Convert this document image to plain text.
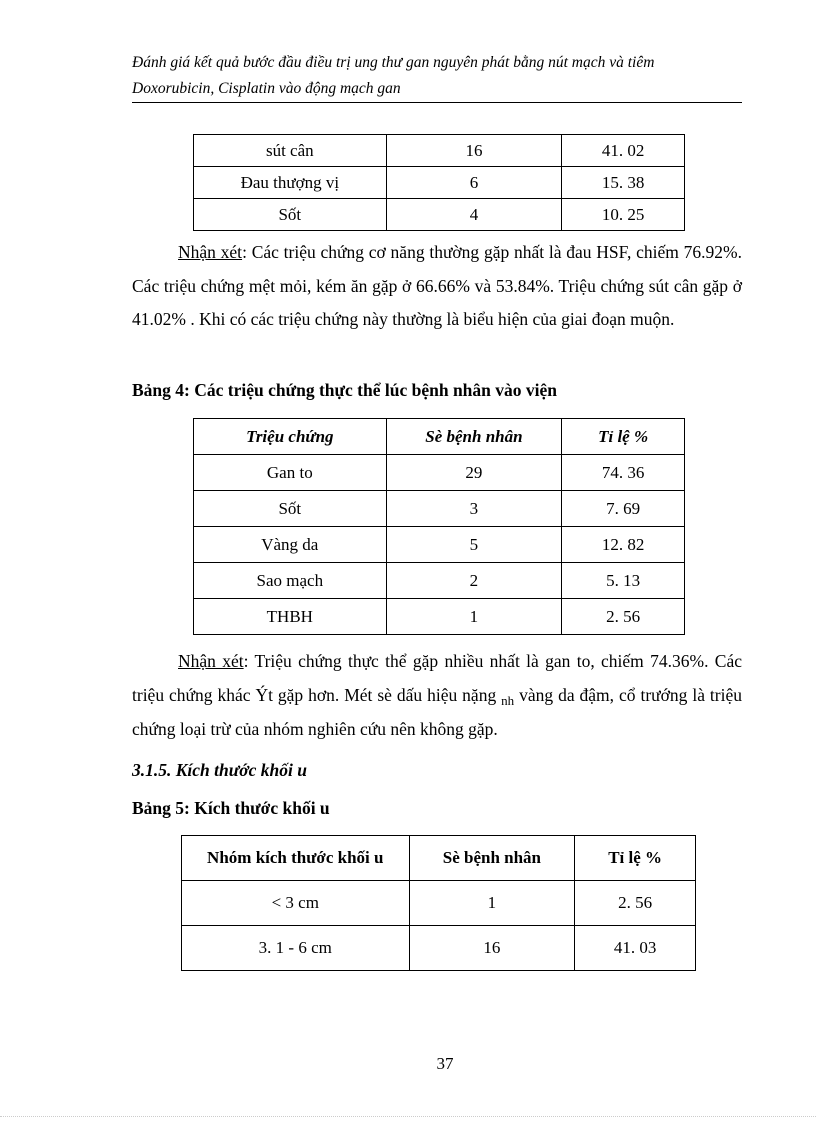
Đánh giá kết quả bước đầu điều trị ung thư gan nguyên phát bằng nút mạch và tiêm
Doxorubicin, Cisplatin vào động mạch gan
sút cân	16	41. 02
Đau thượng vị	6	15. 38
Sốt	4	10. 25

Nhận xét: Các triệu chứng cơ năng thường gặp nhất là đau HSF, chiếm 76.92%. Các triệu chứng mệt mỏi, kém ăn gặp ở 66.66% và 53.84%. Triệu chứng sút cân gặp ở 41.02% . Khi có các triệu chứng này thường là biểu hiện của giai đoạn muộn.

Bảng 4: Các triệu chứng thực thể lúc bệnh nhân vào viện

Triệu chứng	Sè bệnh nhân	Tỉ lệ %
Gan to	29	74. 36
Sốt	3	7. 69
Vàng da	5	12. 82
Sao mạch	2	5. 13
THBH	1	2. 56

Nhận xét: Triệu chứng thực thể gặp nhiều nhất là gan to, chiếm 74.36%. Các triệu chứng khác Ýt gặp hơn. Mét sè dấu hiệu nặng $_{nh}$ vàng da đậm, cổ trướng là triệu chứng loại trừ của nhóm nghiên cứu nên không gặp.

3.1.5. Kích thước khối u

Bảng 5: Kích thước khối u

Nhóm kích thước khối u	Sè bệnh nhân	Tỉ lệ %
< 3 cm	1	2. 56
3. 1 - 6 cm	16	41. 03
37
